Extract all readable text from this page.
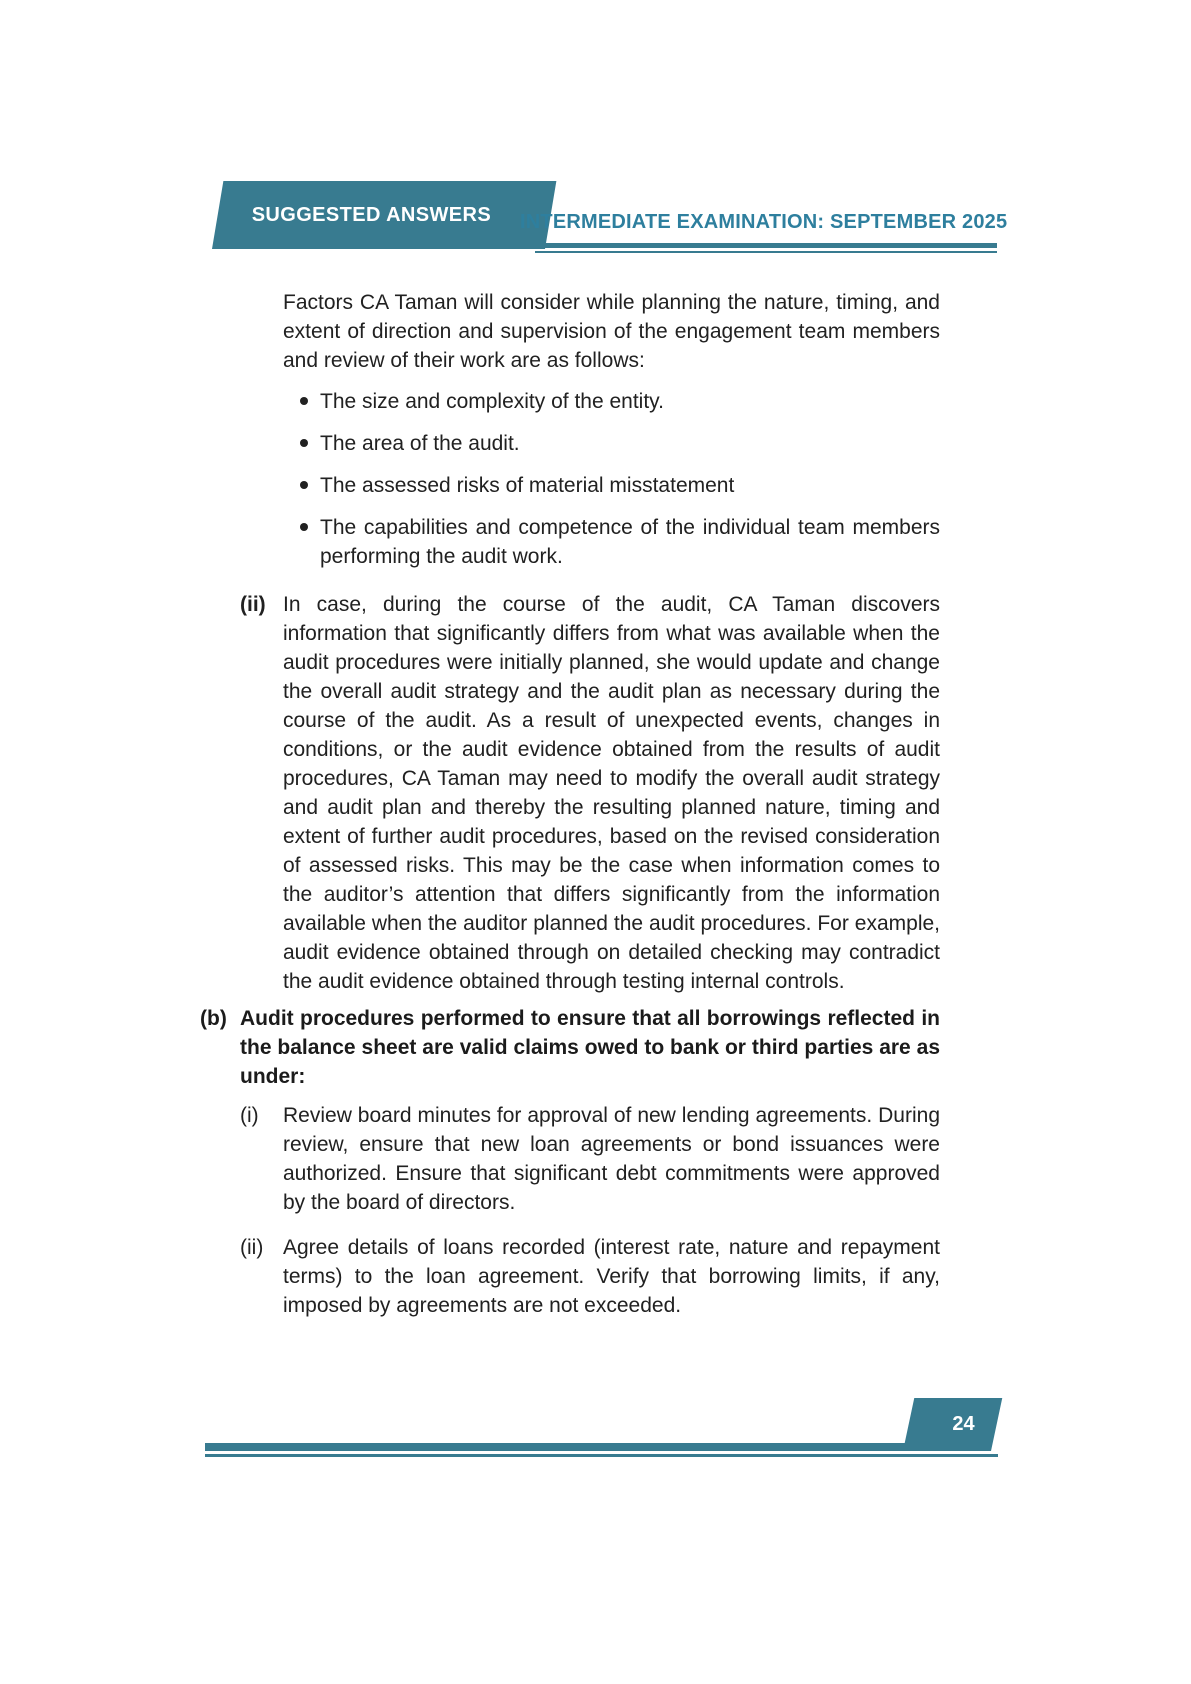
SUGGESTED ANSWERS	INTERMEDIATE EXAMINATION: SEPTEMBER 2025

Factors CA Taman will consider while planning the nature, timing, and extent of direction and supervision of the engagement team members and review of their work are as follows:

The size and complexity of the entity.
The area of the audit.
The assessed risks of material misstatement
The capabilities and competence of the individual team members performing the audit work.
(ii) In case, during the course of the audit, CA Taman discovers information that significantly differs from what was available when the audit procedures were initially planned, she would update and change the overall audit strategy and the audit plan as necessary during the course of the audit. As a result of unexpected events, changes in conditions, or the audit evidence obtained from the results of audit procedures, CA Taman may need to modify the overall audit strategy and audit plan and thereby the resulting planned nature, timing and extent of further audit procedures, based on the revised consideration of assessed risks. This may be the case when information comes to the auditor’s attention that differs significantly from the information available when the auditor planned the audit procedures. For example, audit evidence obtained through on detailed checking may contradict the audit evidence obtained through testing internal controls.
(b) Audit procedures performed to ensure that all borrowings reflected in the balance sheet are valid claims owed to bank or third parties are as under:
(i)	Review board minutes for approval of new lending agreements. During review, ensure that new loan agreements or bond issuances were authorized. Ensure that significant debt commitments were approved by the board of directors.
(ii) Agree details of loans recorded (interest rate, nature and repayment terms) to the loan agreement. Verify that borrowing limits, if any, imposed by agreements are not exceeded.
24
